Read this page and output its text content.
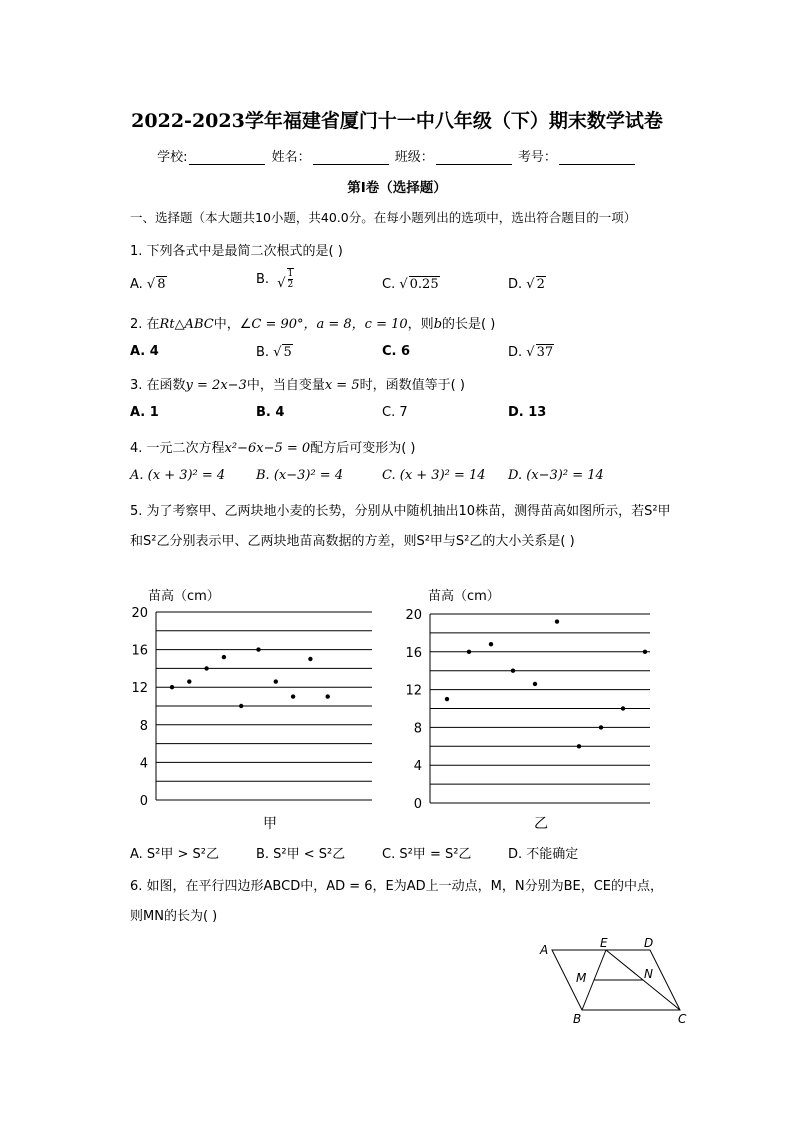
2022-2023学年福建省厦门十一中八年级（下）期末数学试卷
学校:	姓名：	班级：	考号：
第Ⅰ卷（选择题）
一、选择题（本大题共10小题，共40.0分。在每小题列出的选项中，选出符合题目的一项）
1. 下列各式中是最简二次根式的是( )
A. √ 8	B. √ $\frac{1}{2}$	C. √ 0.25	D. √ 2
2. 在Rt△ABC中，∠C = 90°，a = 8，c = 10，则b的长是( )
A. 4	B. √ 5	C. 6	D. √ 37
3. 在函数y = 2x−3中，当自变量x = 5时，函数值等于( )
A. 1	B. 4	C. 7	D. 13
4. 一元二次方程x²−6x−5 = 0配方后可变形为( )
A. (x + 3)² = 4 B. (x−3)² = 4	C. (x + 3)² = 14 D. (x−3)² = 14
5. 为了考察甲、乙两块地小麦的长势，分别从中随机抽出10株苗，测得苗高如图所示，若S²甲
和S²乙分别表示甲、乙两块地苗高数据的方差，则S²甲与S²乙的大小关系是( )
苗高（cm）
0
4
8
12
16
20
甲
苗高（cm）
0
4
8
12
16
20
乙
A. S²甲 > S²乙	B. S²甲 < S²乙	C. S²甲 = S²乙	D. 不能确定
6. 如图，在平行四边形ABCD中，AD = 6，E为AD上一动点，M，N分别为BE，CE的中点，
则MN的长为( )
A	E	D
M	N
B	C
